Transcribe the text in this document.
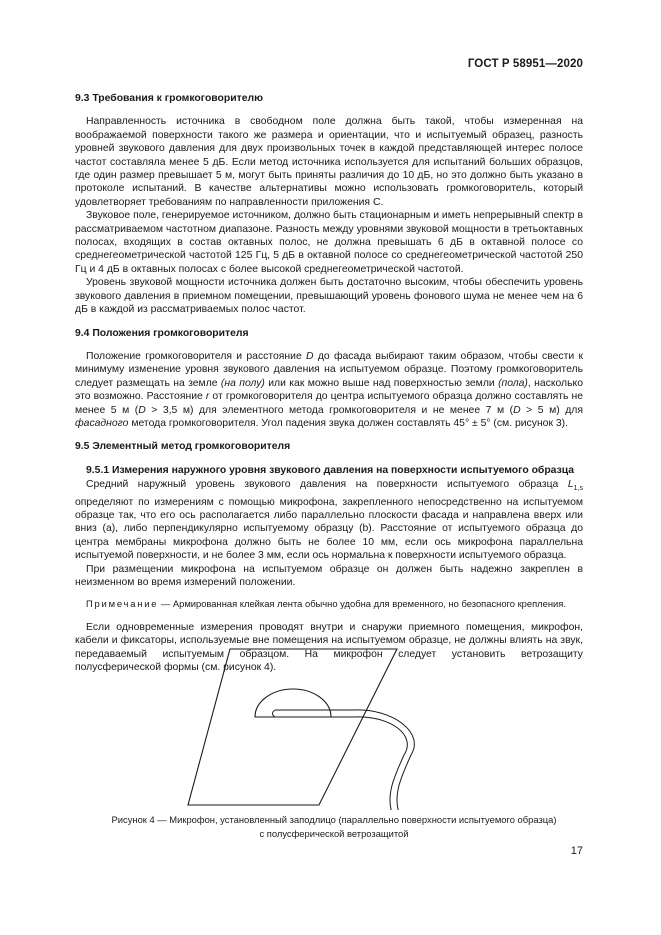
ГОСТ Р 58951—2020
9.3 Требования к громкоговорителю

Направленность источника в свободном поле должна быть такой, чтобы измеренная на воображаемой поверхности такого же размера и ориентации, что и испытуемый образец, разность уровней звукового давления для двух произвольных точек в каждой представляющей интерес полосе частот составляла менее 5 дБ. Если метод источника используется для испытаний больших образцов, где один размер превышает 5 м, могут быть приняты различия до 10 дБ, но это должно быть указано в протоколе испытаний. В качестве альтернативы можно использовать громкоговоритель, который удовлетворяет требованиям по направленности приложения С.

Звуковое поле, генерируемое источником, должно быть стационарным и иметь непрерывный спектр в рассматриваемом частотном диапазоне. Разность между уровнями звуковой мощности в третьоктавных полосах, входящих в состав октавных полос, не должна превышать 6 дБ в октавной полосе со среднегеометрической частотой 125 Гц, 5 дБ в октавной полосе со среднегеометрической частотой 250 Гц и 4 дБ в октавных полосах с более высокой среднегеометрической частотой.

Уровень звуковой мощности источника должен быть достаточно высоким, чтобы обеспечить уровень звукового давления в приемном помещении, превышающий уровень фонового шума не менее чем на 6 дБ в каждой из рассматриваемых полос частот.

9.4 Положения громкоговорителя

Положение громкоговорителя и расстояние D до фасада выбирают таким образом, чтобы свести к минимуму изменение уровня звукового давления на испытуемом образце. Поэтому громкоговоритель следует размещать на земле (на полу) или как можно выше над поверхностью земли (пола), насколько это возможно. Расстояние r от громкоговорителя до центра испытуемого образца должно составлять не менее 5 м (D > 3,5 м) для элементного метода громкоговорителя и не менее 7 м (D > 5 м) для фасадного метода громкоговорителя. Угол падения звука должен составлять 45° ± 5° (см. рисунок 3).

9.5 Элементный метод громкоговорителя
9.5.1 Измерения наружного уровня звукового давления на поверхности испытуемого образца

Средний наружный уровень звукового давления на поверхности испытуемого образца $L_{1,s}$ определяют по измерениям с помощью микрофона, закрепленного непосредственно на испытуемом образце так, что его ось располагается либо параллельно плоскости фасада и направлена вверх или вниз (a), либо перпендикулярно испытуемому образцу (b). Расстояние от испытуемого образца до центра мембраны микрофона должно быть не более 10 мм, если ось микрофона параллельна испытуемой поверхности, и не более 3 мм, если ось нормальна к поверхности испытуемого образца.

При размещении микрофона на испытуемом образце он должен быть надежно закреплен в неизменном во время измерений положении.

Примечание — Армированная клейкая лента обычно удобна для временного, но безопасного крепления.

Если одновременные измерения проводят внутри и снаружи приемного помещения, микрофон, кабели и фиксаторы, используемые вне помещения на испытуемом образце, не должны влиять на звук, передаваемый испытуемым образцом. На микрофон следует установить ветрозащиту полусферической формы (см. рисунок 4).

Рисунок 4 — Микрофон, установленный заподлицо (параллельно поверхности испытуемого образца)
с полусферической ветрозащитой
17
